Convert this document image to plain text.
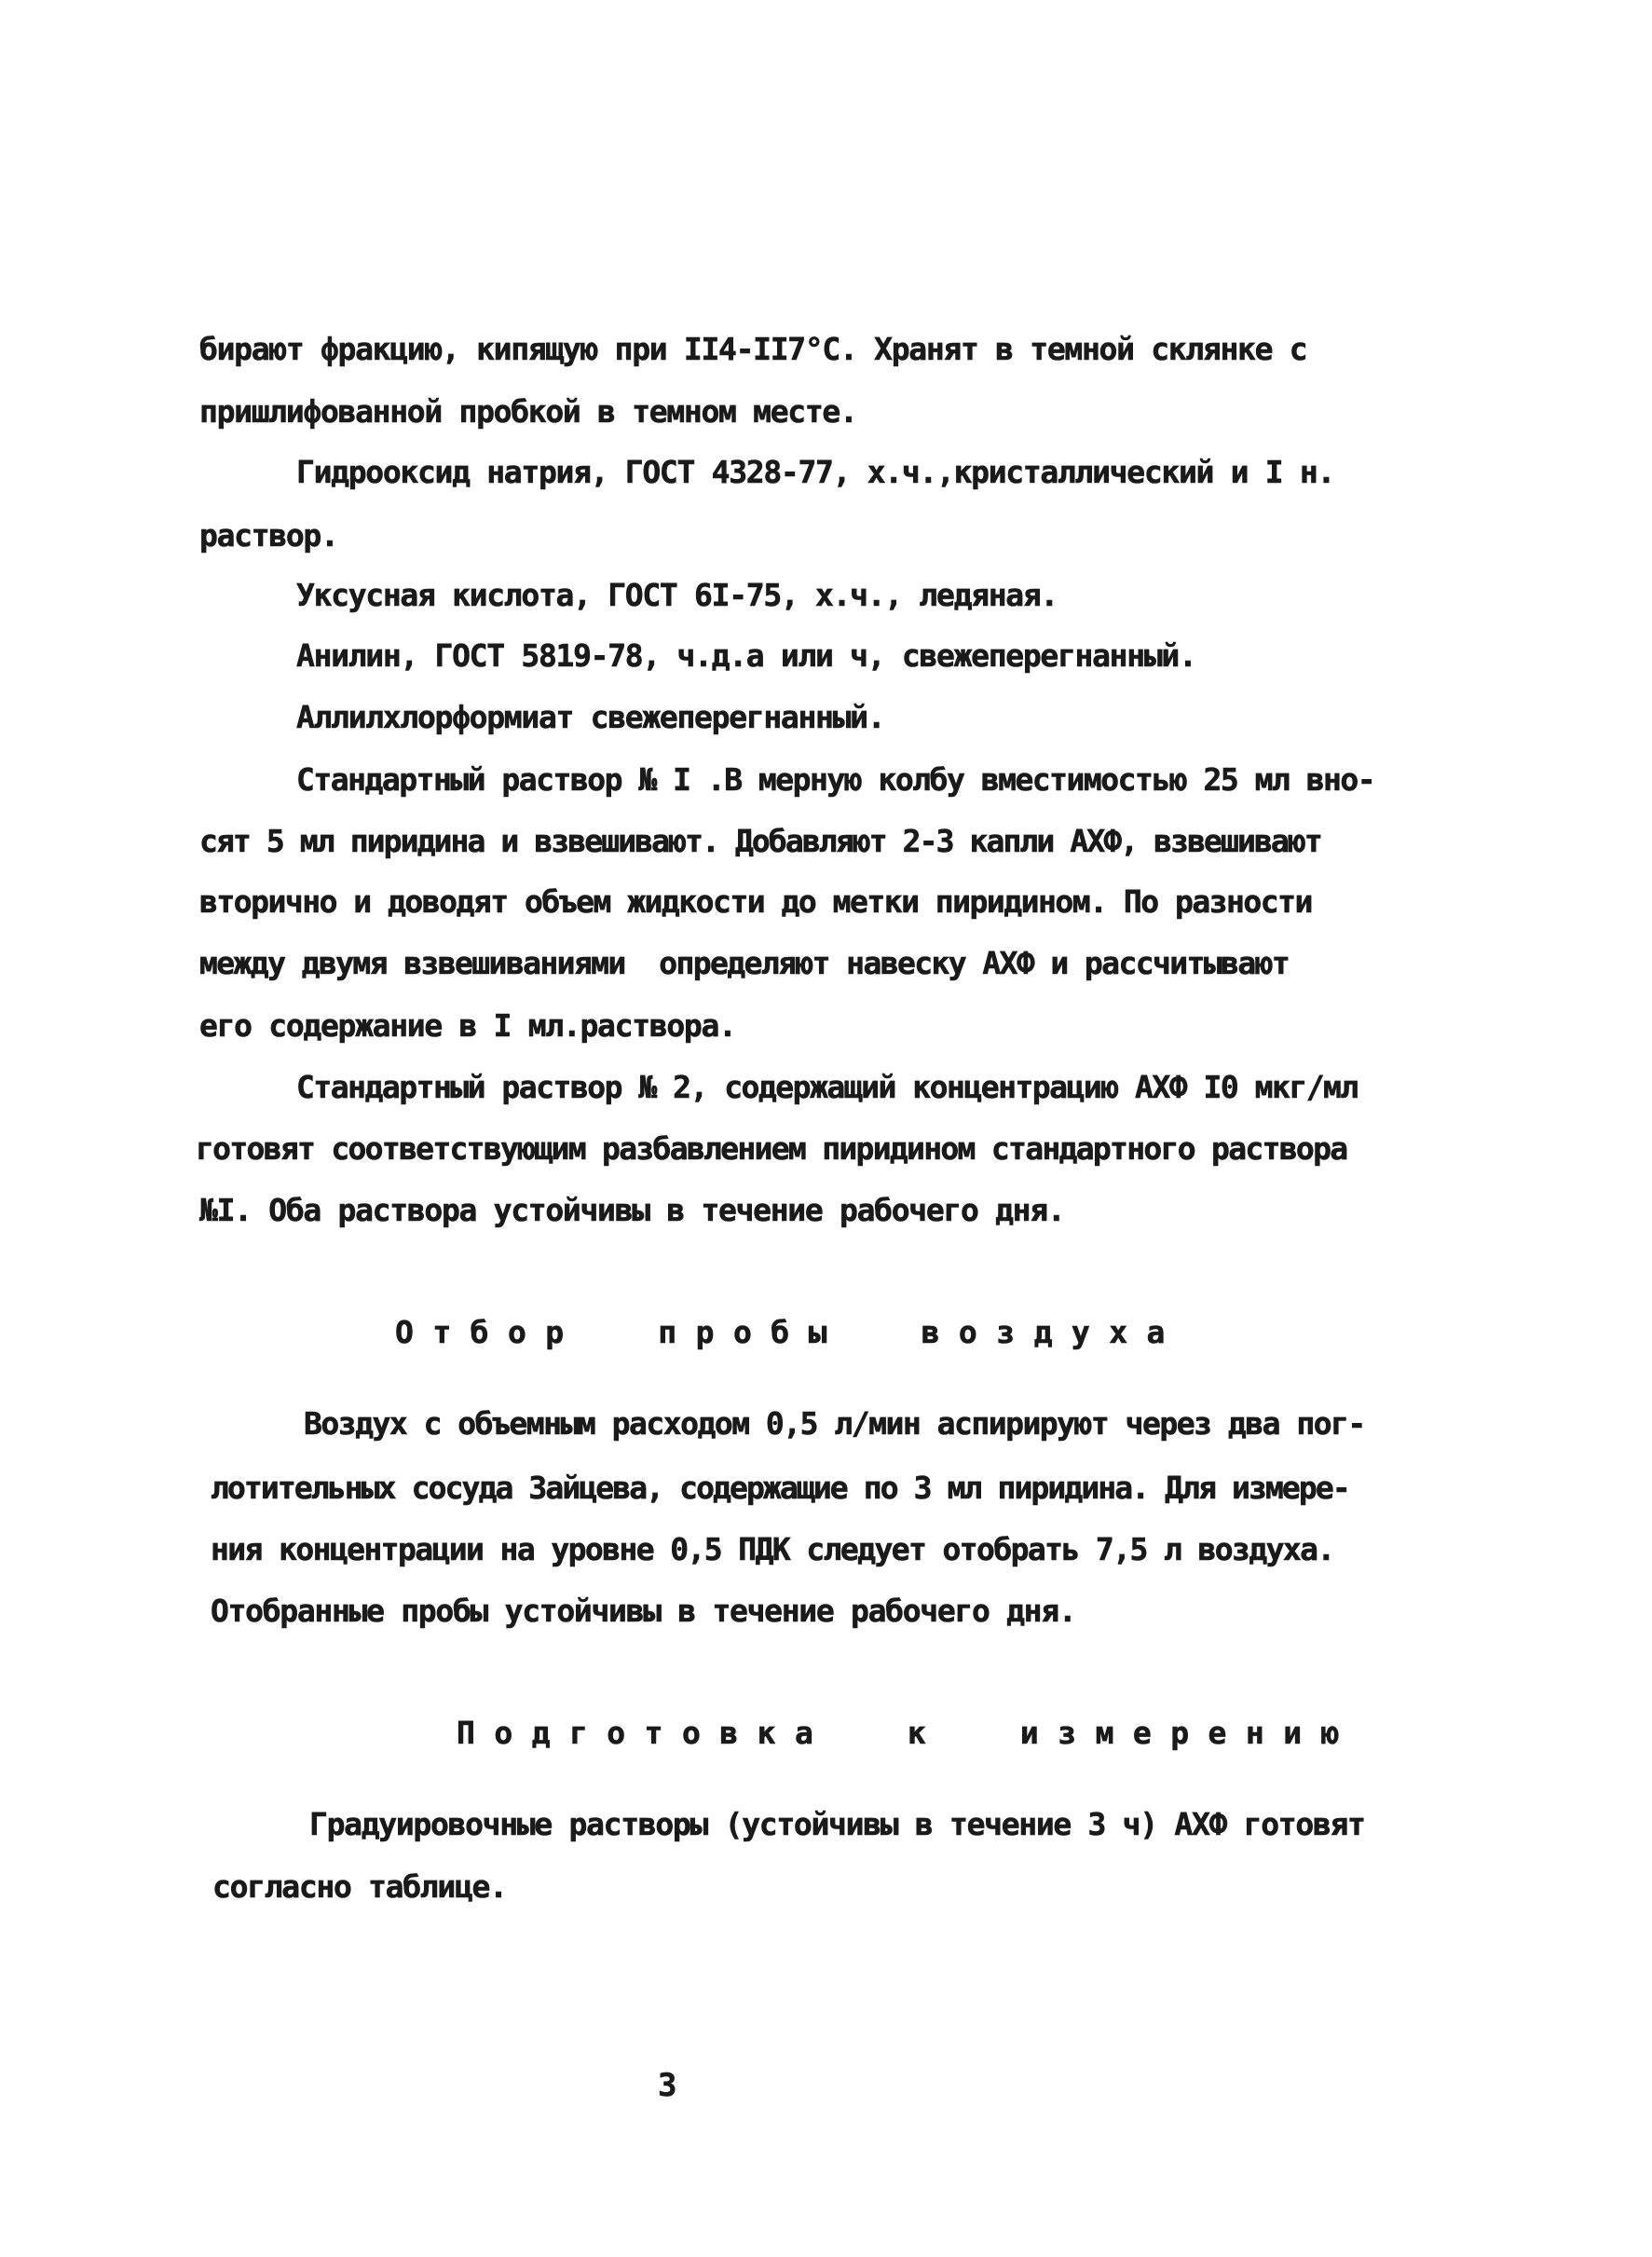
бирают фракцию, кипящую при II4-II7°С. Хранят в темной склянке с
пришлифованной пробкой в темном месте.
Гидрооксид натрия, ГОСТ 4328-77, х.ч.,кристаллический и I н.
раствор.
Уксусная кислота, ГОСТ 6I-75, х.ч., ледяная.
Анилин, ГОСТ 5819-78, ч.д.а или ч, свежеперегнанный.
Аллилхлорформиат свежеперегнанный.
Стандартный раствор № I .В мерную колбу вместимостью 25 мл вно-
сят 5 мл пиридина и взвешивают. Добавляют 2-3 капли АХФ, взвешивают
вторично и доводят объем жидкости до метки пиридином. По разности
между двумя взвешиваниями  определяют навеску АХФ и рассчитывают
его содержание в I мл.раствора.
Стандартный раствор № 2, содержащий концентрацию АХФ I0 мкг/мл
готовят соответствующим разбавлением пиридином стандартного раствора
№I. Оба раствора устойчивы в течение рабочего дня.
Отбор  пробы  воздуха
Воздух с объемным расходом 0,5 л/мин аспирируют через два пог-
лотительных сосуда Зайцева, содержащие по 3 мл пиридина. Для измере-
ния концентрации на уровне 0,5 ПДК следует отобрать 7,5 л воздуха.
Отобранные пробы устойчивы в течение рабочего дня.
Подготовка  к  измерению
Градуировочные растворы (устойчивы в течение 3 ч) АХФ готовят
согласно таблице.
3
